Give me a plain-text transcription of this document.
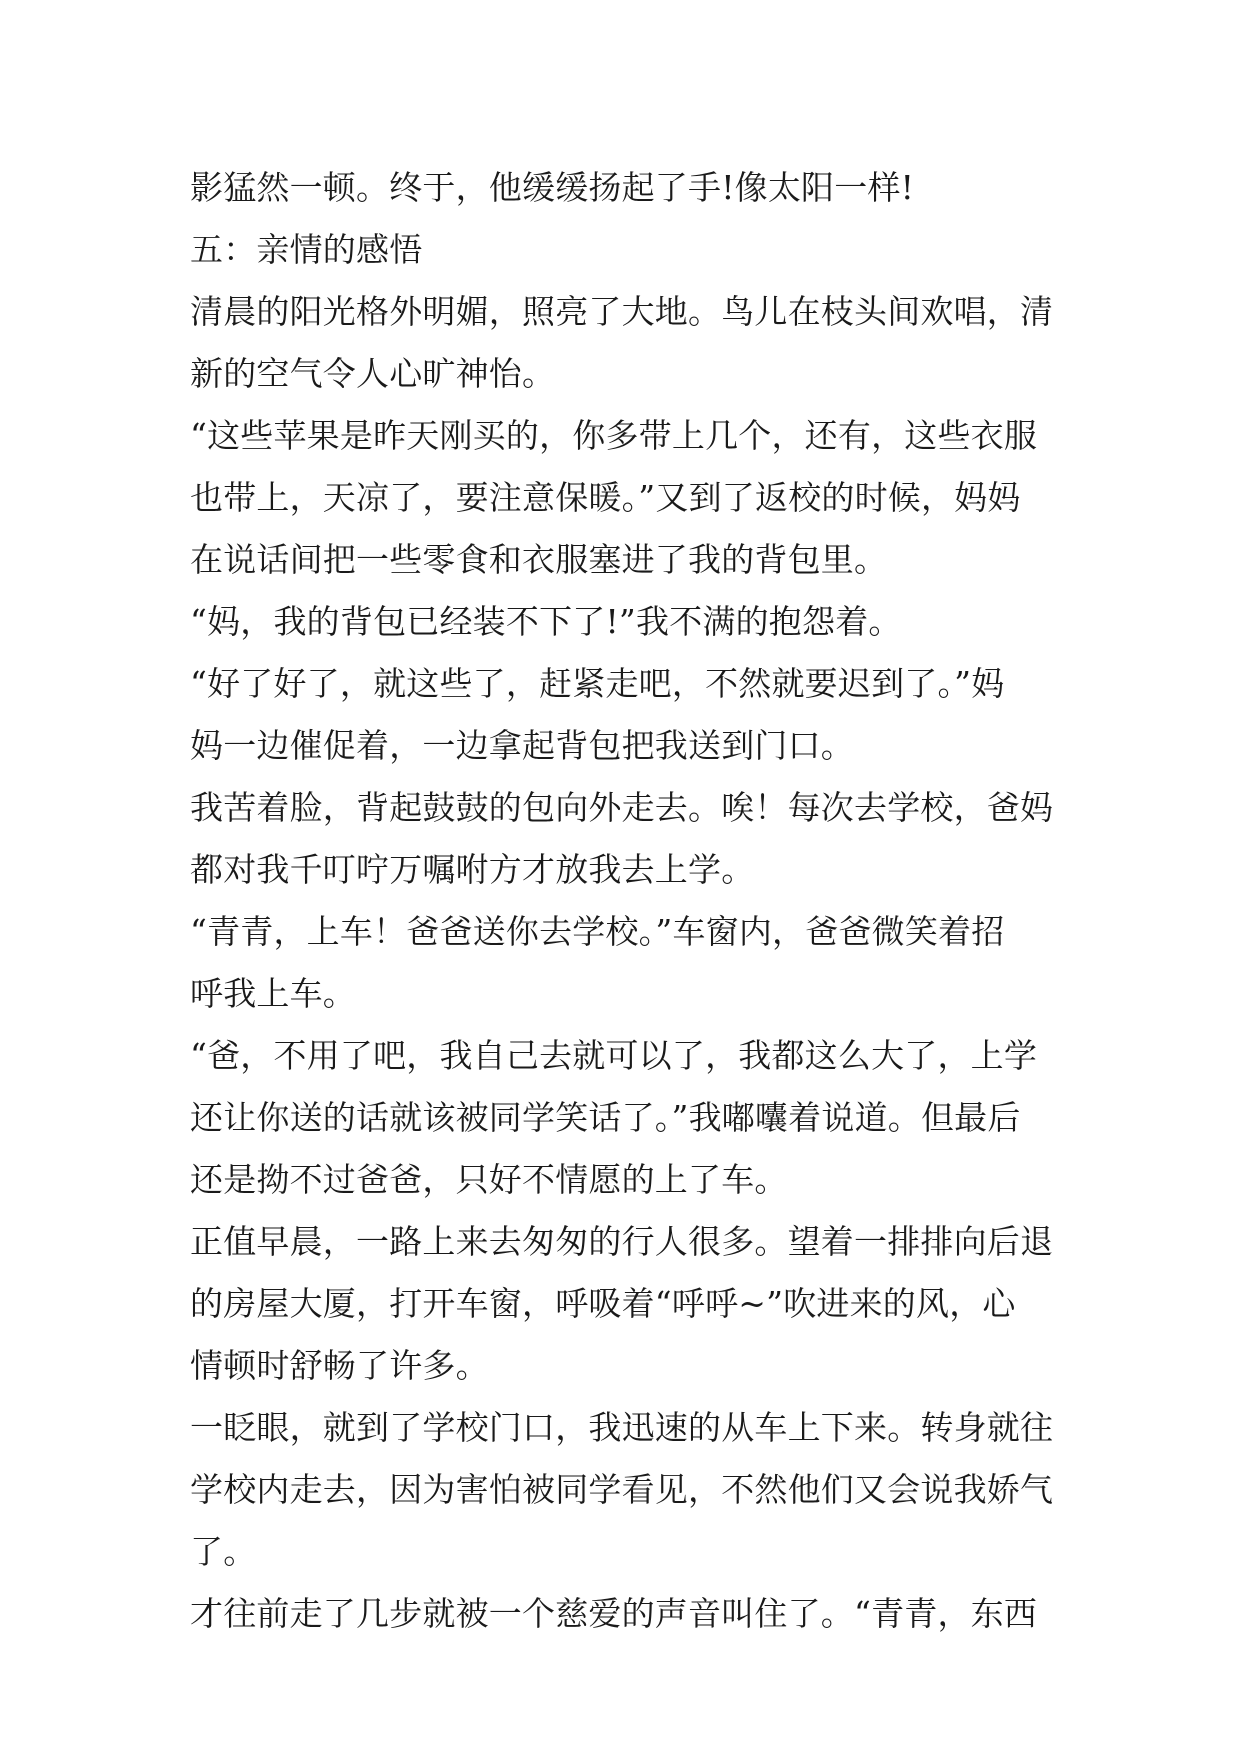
影猛然一顿。终于，他缓缓扬起了手!像太阳一样!
五：亲情的感悟
清晨的阳光格外明媚，照亮了大地。鸟儿在枝头间欢唱，清
新的空气令人心旷神怡。
“这些苹果是昨天刚买的，你多带上几个，还有，这些衣服
也带上，天凉了，要注意保暖。”又到了返校的时候，妈妈
在说话间把一些零食和衣服塞进了我的背包里。
“妈，我的背包已经装不下了!”我不满的抱怨着。
“好了好了，就这些了，赶紧走吧，不然就要迟到了。”妈
妈一边催促着，一边拿起背包把我送到门口。
我苦着脸，背起鼓鼓的包向外走去。唉！每次去学校，爸妈
都对我千叮咛万嘱咐方才放我去上学。
“青青，上车！爸爸送你去学校。”车窗内，爸爸微笑着招
呼我上车。
“爸，不用了吧，我自己去就可以了，我都这么大了，上学
还让你送的话就该被同学笑话了。”我嘟囔着说道。但最后
还是拗不过爸爸，只好不情愿的上了车。
正值早晨，一路上来去匆匆的行人很多。望着一排排向后退
的房屋大厦，打开车窗，呼吸着“呼呼~”吹进来的风，心
情顿时舒畅了许多。
一眨眼，就到了学校门口，我迅速的从车上下来。转身就往
学校内走去，因为害怕被同学看见，不然他们又会说我娇气
了。
才往前走了几步就被一个慈爱的声音叫住了。“青青，东西
